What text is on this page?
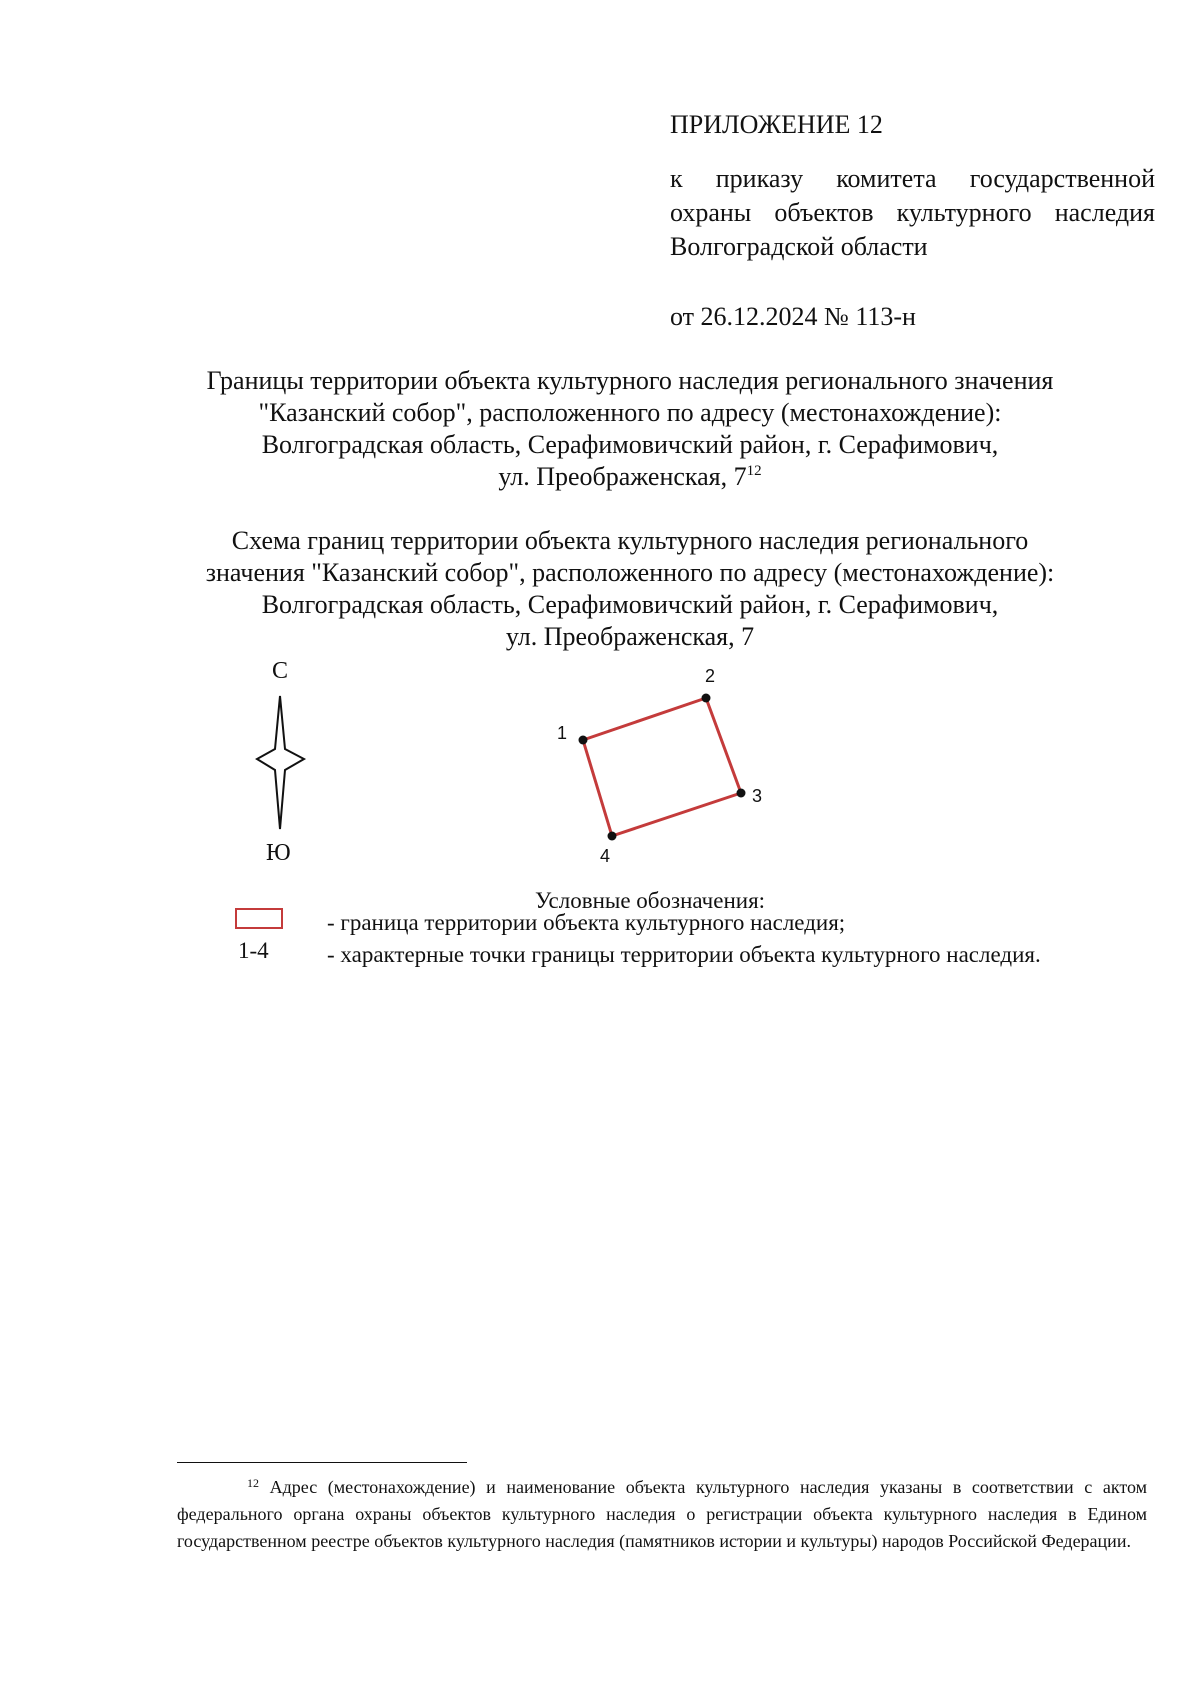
ПРИЛОЖЕНИЕ 12
к приказу комитета государственной охраны объектов культурного наследия Волгоградской области
от 26.12.2024 № 113-н
Границы территории объекта культурного наследия регионального значения
"Казанский собор", расположенного по адресу (местонахождение):
Волгоградская область, Серафимовичский район, г. Серафимович,
ул. Преображенская, $7^{12}$
Схема границ территории объекта культурного наследия регионального
значения "Казанский собор", расположенного по адресу (местонахождение):
Волгоградская область, Серафимовичский район, г. Серафимович,
ул. Преображенская, 7
С
Ю
1
2
3
4
Условные обозначения:
1-4
- граница территории объекта культурного наследия;
- характерные точки границы территории объекта культурного наследия.
$^{12}$ Адрес (местонахождение) и наименование объекта культурного наследия указаны в соответствии с актом федерального органа охраны объектов культурного наследия о регистрации объекта культурного наследия в Едином государственном реестре объектов культурного наследия (памятников истории и культуры) народов Российской Федерации.
